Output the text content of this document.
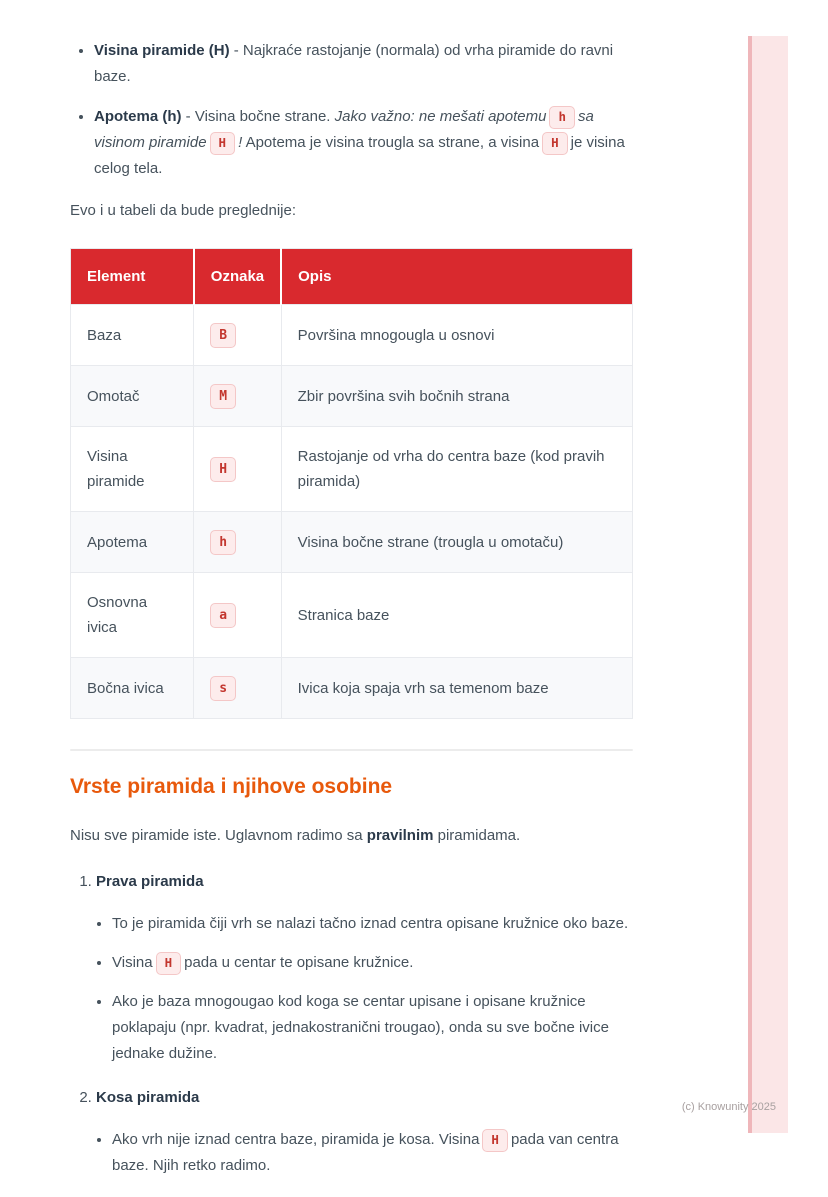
• Visina piramide (H) - Najkraće rastojanje (normala) od vrha piramide do ravni baze.
• Apotema (h) - Visina bočne strane. Jako važno: ne mešati apotemu h sa visinom piramide H ! Apotema je visina trougla sa strane, a visina H je visina celog tela.

Evo i u tabeli da bude preglednije:

Element	Oznaka	Opis
Baza	B	Površina mnogougla u osnovi
Omotač	M	Zbir površina svih bočnih strana
Visina piramide	H	Rastojanje od vrha do centra baze (kod pravih piramida)
Apotema	h	Visina bočne strane (trougla u omotaču)
Osnovna ivica	a	Stranica baze
Bočna ivica	s	Ivica koja spaja vrh sa temenom baze
Vrste piramida i njihove osobine

Nisu sve piramide iste. Uglavnom radimo sa pravilnim piramidama.

1. Prava piramida
• To je piramida čiji vrh se nalazi tačno iznad centra opisane kružnice oko baze.
• Visina H pada u centar te opisane kružnice.
• Ako je baza mnogougao kod koga se centar upisane i opisane kružnice poklapaju (npr. kvadrat, jednakostranični trougao), onda su sve bočne ivice jednake dužine.
2. Kosa piramida
• Ako vrh nije iznad centra baze, piramida je kosa. Visina H pada van centra baze. Njih retko radimo.
(c) Knowunity 2025
